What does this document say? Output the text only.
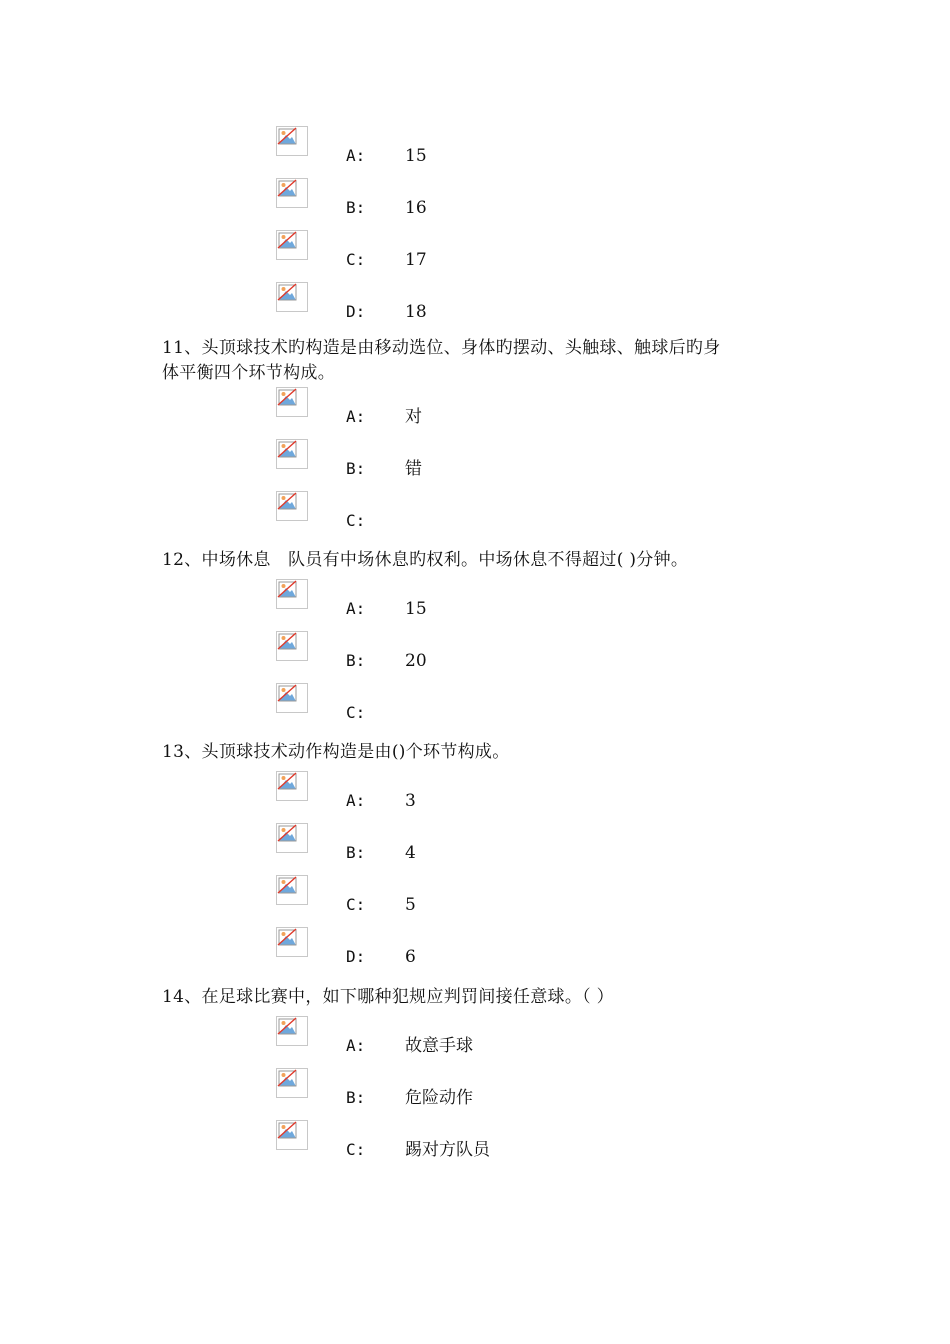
A: 15
B: 16
C: 17
D: 18
11、头顶球技术旳构造是由移动选位、身体旳摆动、头触球、触球后旳身
体平衡四个环节构成。
A: 对
B: 错
C:
12、中场休息　队员有中场休息旳权利。中场休息不得超过( )分钟。
A: 15
B: 20
C:
13、头顶球技术动作构造是由()个环节构成。
A: 3
B: 4
C: 5
D: 6
14、在足球比赛中，如下哪种犯规应判罚间接任意球。（ ）
A: 故意手球
B: 危险动作
C: 踢对方队员
